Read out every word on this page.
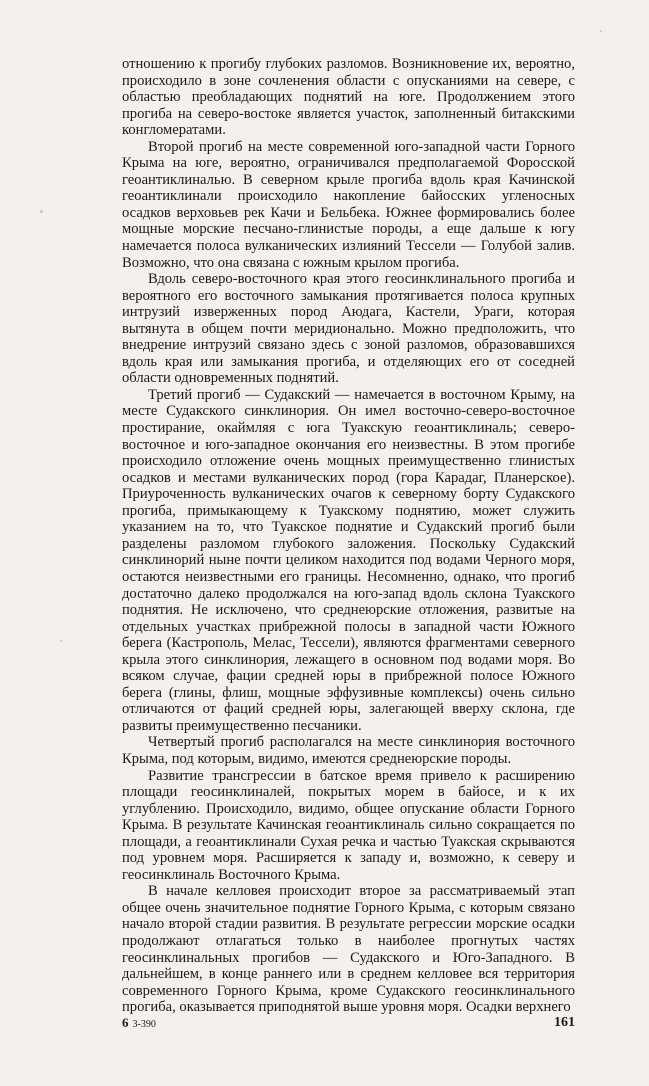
отношению к прогибу глубоких разломов. Возникновение их, вероятно, происходило в зоне сочленения области с опусканиями на севере, с областью преобладающих поднятий на юге. Продолжением этого прогиба на северо-востоке является участок, заполненный битакскими конгломератами.

Второй прогиб на месте современной юго-западной части Горного Крыма на юге, вероятно, ограничивался предполагаемой Форосской геоантиклиналью. В северном крыле прогиба вдоль края Качинской геоантиклинали происходило накопление байосских угленосных осадков верховьев рек Качи и Бельбека. Южнее формировались более мощные морские песчано-глинистые породы, а еще дальше к югу намечается полоса вулканических излияний Тессели — Голубой залив. Возможно, что она связана с южным крылом прогиба.

Вдоль северо-восточного края этого геосинклинального прогиба и вероятного его восточного замыкания протягивается полоса крупных интрузий изверженных пород Аюдага, Кастели, Ураги, которая вытянута в общем почти меридионально. Можно предположить, что внедрение интрузий связано здесь с зоной разломов, образовавшихся вдоль края или замыкания прогиба, и отделяющих его от соседней области одновременных поднятий.

Третий прогиб — Судакский — намечается в восточном Крыму, на месте Судакского синклинория. Он имел восточно-северо-восточное простирание, окаймляя с юга Туакскую геоантиклиналь; северо-восточное и юго-западное окончания его неизвестны. В этом прогибе происходило отложение очень мощных преимущественно глинистых осадков и местами вулканических пород (гора Карадаг, Планерское). Приуроченность вулканических очагов к северному борту Судакского прогиба, примыкающему к Туакскому поднятию, может служить указанием на то, что Туакское поднятие и Судакский прогиб были разделены разломом глубокого заложения. Поскольку Судакский синклинорий ныне почти целиком находится под водами Черного моря, остаются неизвестными его границы. Несомненно, однако, что прогиб достаточно далеко продолжался на юго-запад вдоль склона Туакского поднятия. Не исключено, что среднеюрские отложения, развитые на отдельных участках прибрежной полосы в западной части Южного берега (Кастрополь, Мелас, Тессели), являются фрагментами северного крыла этого синклинория, лежащего в основном под водами моря. Во всяком случае, фации средней юры в прибрежной полосе Южного берега (глины, флиш, мощные эффузивные комплексы) очень сильно отличаются от фаций средней юры, залегающей вверху склона, где развиты преимущественно песчаники.

Четвертый прогиб располагался на месте синклинория восточного Крыма, под которым, видимо, имеются среднеюрские породы.

Развитие трансгрессии в батское время привело к расширению площади геосинклиналей, покрытых морем в байосе, и к их углублению. Происходило, видимо, общее опускание области Горного Крыма. В результате Качинская геоантиклиналь сильно сокращается по площади, а геоантиклинали Сухая речка и частью Туакская скрываются под уровнем моря. Расширяется к западу и, возможно, к северу и геосинклиналь Восточного Крыма.

В начале келловея происходит второе за рассматриваемый этап общее очень значительное поднятие Горного Крыма, с которым связано начало второй стадии развития. В результате регрессии морские осадки продолжают отлагаться только в наиболее прогнутых частях геосинклинальных прогибов — Судакского и Юго-Западного. В дальнейшем, в конце раннего или в среднем келловее вся территория современного Горного Крыма, кроме Судакского геосинклинального прогиба, оказывается приподнятой выше уровня моря. Осадки верхнего

6 3-390	161
